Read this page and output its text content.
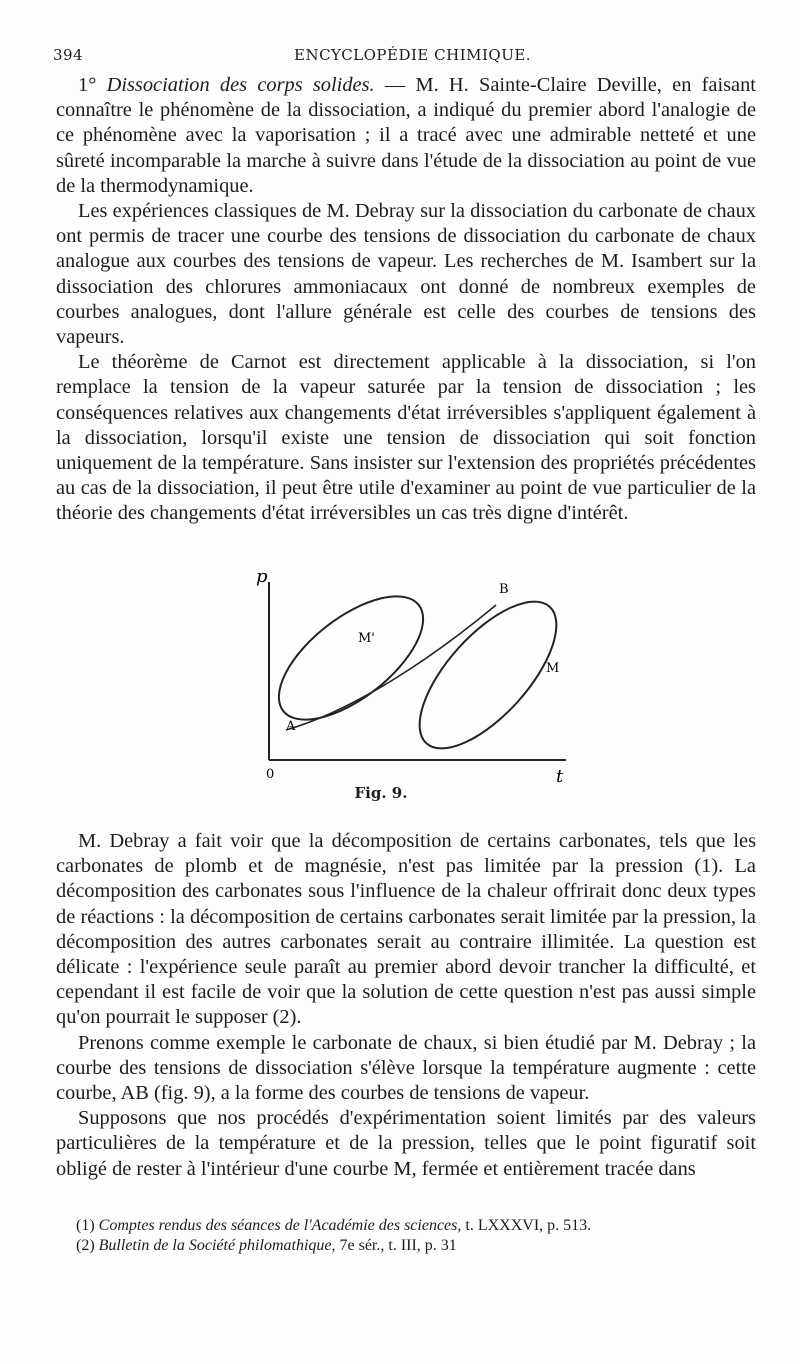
394	ENCYCLOPÉDIE CHIMIQUE.

1° Dissociation des corps solides. — M. H. Sainte-Claire Deville, en faisant connaître le phénomène de la dissociation, a indiqué du premier abord l'analogie de ce phénomène avec la vaporisation ; il a tracé avec une admirable netteté et une sûreté incomparable la marche à suivre dans l'étude de la dissociation au point de vue de la thermodynamique.

Les expériences classiques de M. Debray sur la dissociation du carbonate de chaux ont permis de tracer une courbe des tensions de dissociation du carbonate de chaux analogue aux courbes des tensions de vapeur. Les recherches de M. Isambert sur la dissociation des chlorures ammoniacaux ont donné de nombreux exemples de courbes analogues, dont l'allure générale est celle des courbes de tensions des vapeurs.

Le théorème de Carnot est directement applicable à la dissociation, si l'on remplace la tension de la vapeur saturée par la tension de dissociation ; les conséquences relatives aux changements d'état irréversibles s'appliquent également à la dissociation, lorsqu'il existe une tension de dissociation qui soit fonction uniquement de la température. Sans insister sur l'extension des propriétés précédentes au cas de la dissociation, il peut être utile d'examiner au point de vue particulier de la théorie des changements d'état irréversibles un cas très digne d'intérêt.

p
t
0
A
B
M'
M
Fig. 9.

M. Debray a fait voir que la décomposition de certains carbonates, tels que les carbonates de plomb et de magnésie, n'est pas limitée par la pression (1). La décomposition des carbonates sous l'influence de la chaleur offrirait donc deux types de réactions : la décomposition de certains carbonates serait limitée par la pression, la décomposition des autres carbonates serait au contraire illimitée. La question est délicate : l'expérience seule paraît au premier abord devoir trancher la difficulté, et cependant il est facile de voir que la solution de cette question n'est pas aussi simple qu'on pourrait le supposer (2).

Prenons comme exemple le carbonate de chaux, si bien étudié par M. Debray ; la courbe des tensions de dissociation s'élève lorsque la température augmente : cette courbe, AB (fig. 9), a la forme des courbes de tensions de vapeur.

Supposons que nos procédés d'expérimentation soient limités par des valeurs particulières de la température et de la pression, telles que le point figuratif soit obligé de rester à l'intérieur d'une courbe M, fermée et entièrement tracée dans

(1) Comptes rendus des séances de l'Académie des sciences, t. LXXXVI, p. 513.
(2) Bulletin de la Société philomathique, 7e sér., t. III, p. 31
